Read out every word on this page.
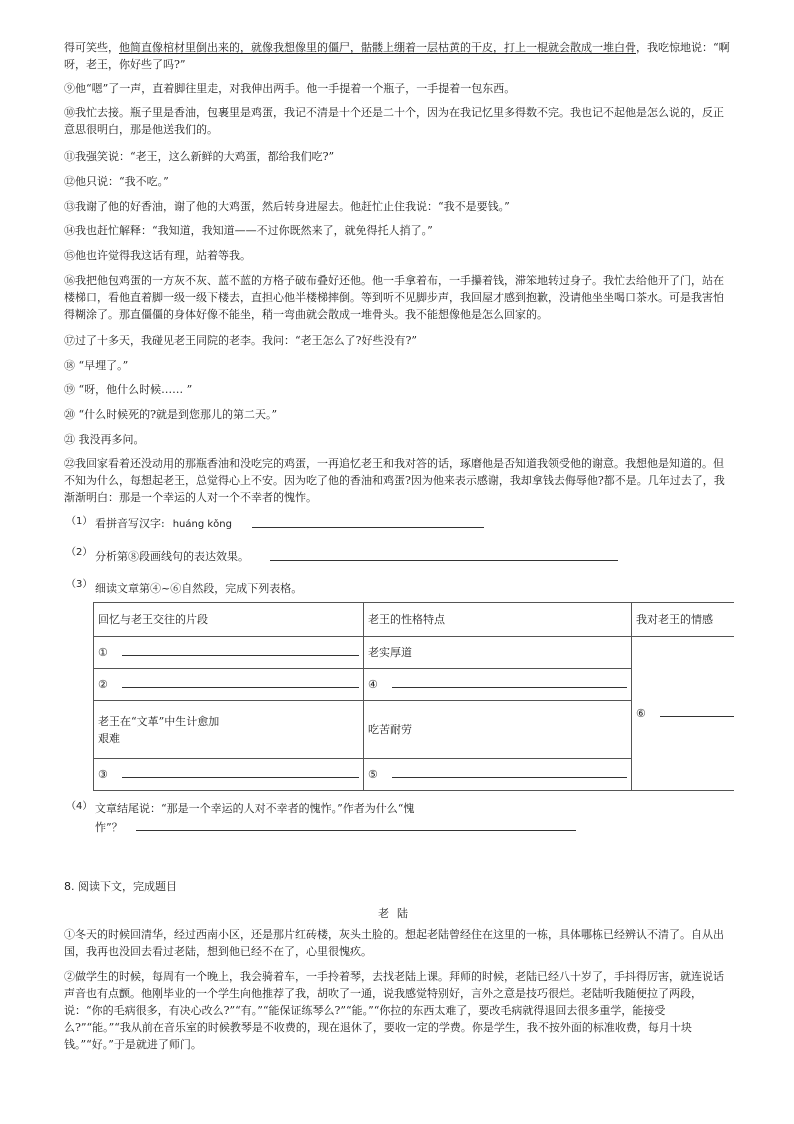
得可笑些，他简直像棺材里倒出来的，就像我想像里的僵尸，骷髅上绷着一层枯黄的干皮，打上一棍就会散成一堆白骨，我吃惊地说：“啊呀，老王，你好些了吗?”

⑨他“嗯”了一声，直着脚往里走，对我伸出两手。他一手提着一个瓶子，一手提着一包东西。

⑩我忙去接。瓶子里是香油，包裹里是鸡蛋，我记不清是十个还是二十个，因为在我记忆里多得数不完。我也记不起他是怎么说的，反正意思很明白，那是他送我们的。

⑪我强笑说：“老王，这么新鲜的大鸡蛋，都给我们吃?”

⑫他只说：“我不吃。”

⑬我谢了他的好香油，谢了他的大鸡蛋，然后转身进屋去。他赶忙止住我说：“我不是要钱。”

⑭我也赶忙解释：“我知道，我知道——不过你既然来了，就免得托人捎了。”

⑮他也许觉得我这话有理，站着等我。

⑯我把他包鸡蛋的一方灰不灰、蓝不蓝的方格子破布叠好还他。他一手拿着布，一手攥着钱，滞笨地转过身子。我忙去给他开了门，站在楼梯口，看他直着脚一级一级下楼去，直担心他半楼梯摔倒。等到听不见脚步声，我回屋才感到抱歉，没请他坐坐喝口茶水。可是我害怕得糊涂了。那直僵僵的身体好像不能坐，稍一弯曲就会散成一堆骨头。我不能想像他是怎么回家的。

⑰过了十多天，我碰见老王同院的老李。我问：“老王怎么了?好些没有?”

⑱ “早埋了。”

⑲ “呀，他什么时候…… ”

⑳ “什么时候死的?就是到您那儿的第二天。”

㉑ 我没再多问。

㉒我回家看着还没动用的那瓶香油和没吃完的鸡蛋，一再追忆老王和我对答的话，琢磨他是否知道我领受他的谢意。我想他是知道的。但不知为什么，每想起老王，总觉得心上不安。因为吃了他的香油和鸡蛋?因为他来表示感谢，我却拿钱去侮辱他?都不是。几年过去了，我渐渐明白：那是一个幸运的人对一个不幸者的愧怍。

（1） 看拼音写汉字: huáng kǒng
（2） 分析第⑧段画线句的表达效果。
（3） 细读文章第④~⑥自然段，完成下列表格。
回忆与老王交往的片段	老王的性格特点	我对老王的情感

①	老实厚道	⑥

②	④	

老王在“文革”中生计愈加
艰难	吃苦耐劳	

③	⑤	
（4） 文章结尾说：“那是一个幸运的人对不幸者的愧怍。”作者为什么“愧
怍”？
8. 阅读下文，完成题目
老陆

①冬天的时候回清华，经过西南小区，还是那片红砖楼，灰头土脸的。想起老陆曾经住在这里的一栋，具体哪栋已经辨认不清了。自从出国，我再也没回去看过老陆，想到他已经不在了，心里很愧疚。

②做学生的时候，每周有一个晚上，我会骑着车，一手拎着琴，去找老陆上课。拜师的时候，老陆已经八十岁了，手抖得厉害，就连说话声音也有点颤。他刚毕业的一个学生向他推荐了我，胡吹了一通，说我感觉特别好，言外之意是技巧很烂。老陆听我随便拉了两段，说：“你的毛病很多，有决心改么?”“有。”“能保证练琴么?”“能。”“你拉的东西太难了，要改毛病就得退回去很多重学，能接受么?”“能。”“我从前在音乐室的时候教琴是不收费的，现在退休了，要收一定的学费。你是学生，我不按外面的标准收费，每月十块钱。”“好。”于是就进了师门。
